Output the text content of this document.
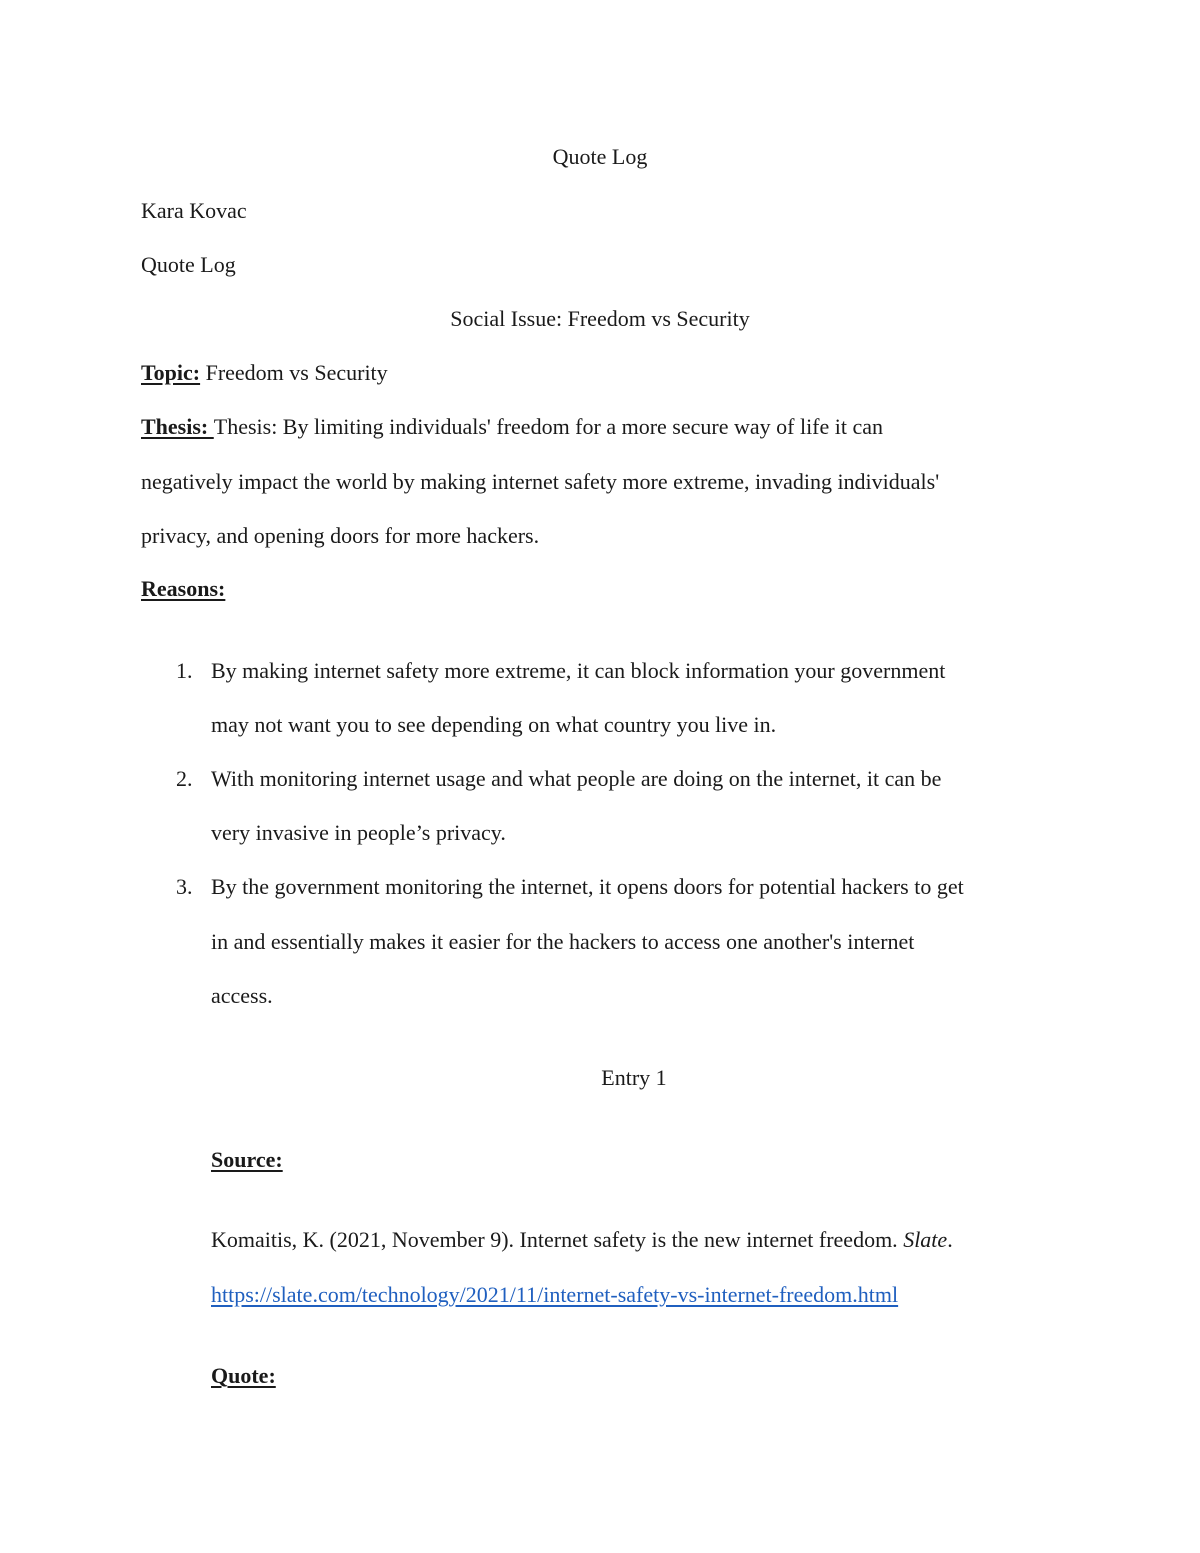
Quote Log
Kara Kovac
Quote Log
Social Issue: Freedom vs Security
Topic: Freedom vs Security
Thesis: Thesis: By limiting individuals' freedom for a more secure way of life it can
negatively impact the world by making internet safety more extreme, invading individuals'
privacy, and opening doors for more hackers.
Reasons:
1. By making internet safety more extreme, it can block information your government
may not want you to see depending on what country you live in.
2. With monitoring internet usage and what people are doing on the internet, it can be
very invasive in people’s privacy.
3. By the government monitoring the internet, it opens doors for potential hackers to get
in and essentially makes it easier for the hackers to access one another's internet
access.
Entry 1
Source:
Komaitis, K. (2021, November 9). Internet safety is the new internet freedom. Slate.
https://slate.com/technology/2021/11/internet-safety-vs-internet-freedom.html
Quote:
